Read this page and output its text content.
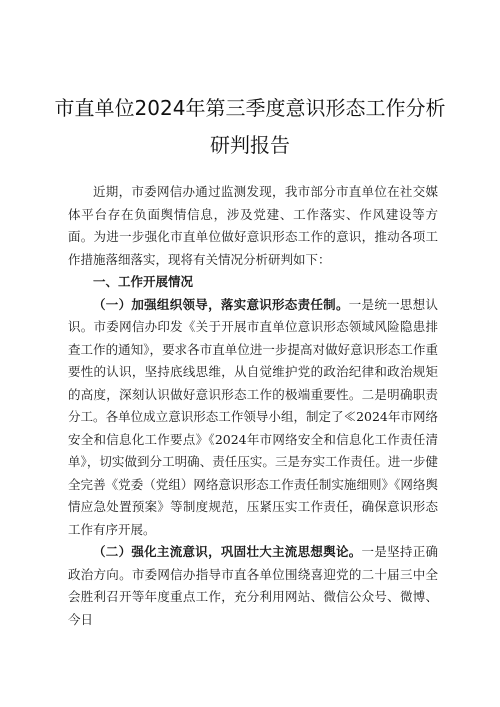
市直单位2024年第三季度意识形态工作分析
研判报告

近期，市委网信办通过监测发现，我市部分市直单位在社交媒体平台存在负面舆情信息，涉及党建、工作落实、作风建设等方面。为进一步强化市直单位做好意识形态工作的意识，推动各项工作措施落细落实，现将有关情况分析研判如下：

一、工作开展情况

（一）加强组织领导，落实意识形态责任制。一是统一思想认识。市委网信办印发《关于开展市直单位意识形态领域风险隐患排查工作的通知》，要求各市直单位进一步提高对做好意识形态工作重要性的认识，坚持底线思维，从自觉维护党的政治纪律和政治规矩的高度，深刻认识做好意识形态工作的极端重要性。二是明确职责分工。各单位成立意识形态工作领导小组，制定了≪2024年市网络安全和信息化工作要点》《2024年市网络安全和信息化工作责任清单》，切实做到分工明确、责任压实。三是夯实工作责任。进一步健全完善《党委（党组）网络意识形态工作责任制实施细则》《网络舆情应急处置预案》等制度规范，压紧压实工作责任，确保意识形态工作有序开展。

（二）强化主流意识，巩固壮大主流思想舆论。一是坚持正确政治方向。市委网信办指导市直各单位围绕喜迎党的二十届三中全会胜利召开等年度重点工作，充分利用网站、微信公众号、微博、今日
